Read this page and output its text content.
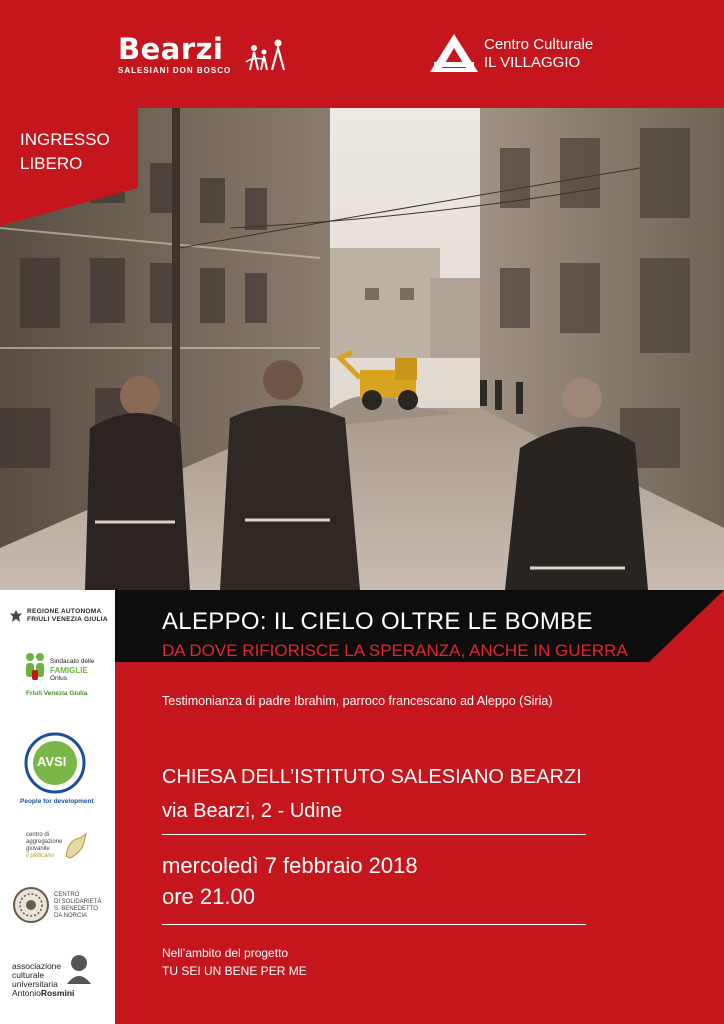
Bearzi
SALESIANI DON BOSCO
Centro Culturale
IL VILLAGGIO
INGRESSO
LIBERO
ALEPPO: IL CIELO OLTRE LE BOMBE
DA DOVE RIFIORISCE LA SPERANZA, ANCHE IN GUERRA
Testimonianza di padre Ibrahim, parroco francescano ad Aleppo (Siria)
CHIESA DELL’ISTITUTO SALESIANO BEARZI
via Bearzi, 2 - Udine
mercoledì 7 febbraio 2018
ore 21.00
Nell’ambito del progetto
TU SEI UN BENE PER ME
REGIONE AUTONOMA
FRIULI VENEZIA GIULIA
Sindacato delle
FAMIGLIE
Onlus
Friuli Venezia Giulia
AVSI
People for development
centro di
aggregazione
giovanile
il pellicano
CENTRO
DI SOLIDARIETÀ
S. BENEDETTO
DA NORCIA
associazione
culturale
universitaria
AntonioRosmini
